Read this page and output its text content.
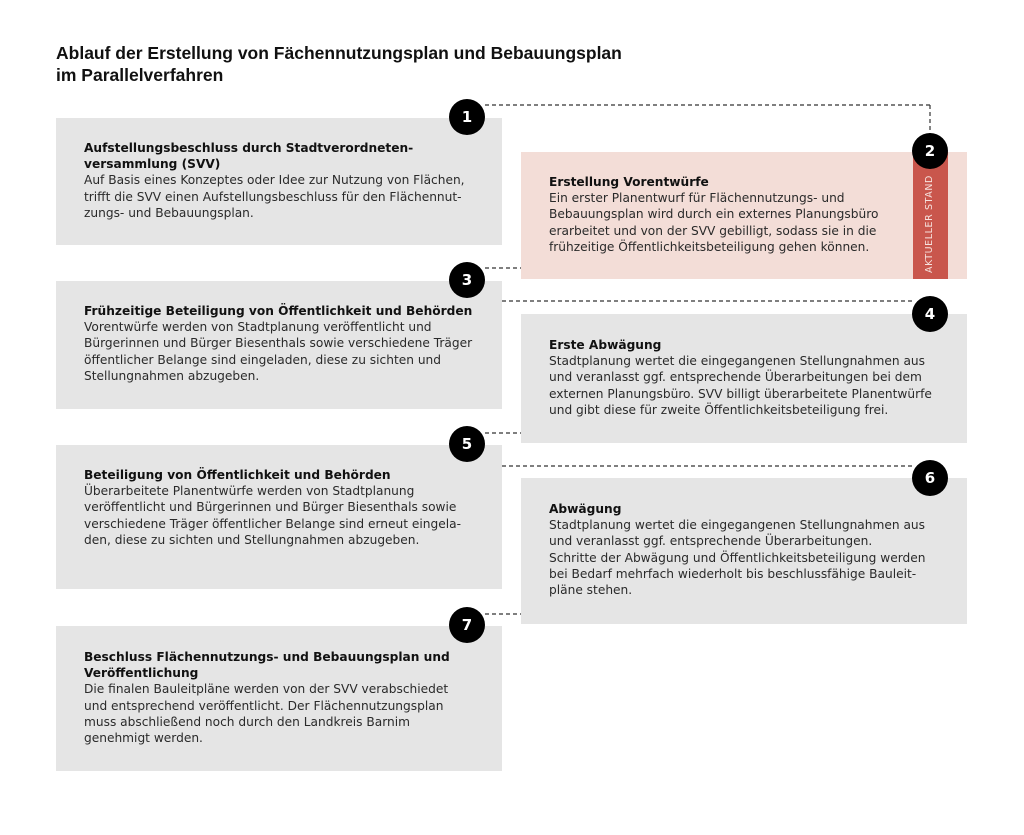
Ablauf der Erstellung von Fächennutzungsplan und Bebauungsplan
im Parallelverfahren
Aufstellungsbeschluss durch Stadtverordneten-
versammlung (SVV)
Auf Basis eines Konzeptes oder Idee zur Nutzung von Flächen,
trifft die SVV einen Aufstellungsbeschluss für den Flächennut-
zungs- und Bebauungsplan.
1
Erstellung Vorentwürfe
Ein erster Planentwurf für Flächennutzungs- und
Bebauungsplan wird durch ein externes Planungsbüro
erarbeitet und von der SVV gebilligt, sodass sie in die
frühzeitige Öffentlichkeitsbeteiligung gehen können.	AKTUELLER STAND
2
Frühzeitige Beteiligung von Öffentlichkeit und Behörden
Vorentwürfe werden von Stadtplanung veröffentlicht und
Bürgerinnen und Bürger Biesenthals sowie verschiedene Träger
öffentlicher Belange sind eingeladen, diese zu sichten und
Stellungnahmen abzugeben.
3
Erste Abwägung
Stadtplanung wertet die eingegangenen Stellungnahmen aus
und veranlasst ggf. entsprechende Überarbeitungen bei dem
externen Planungsbüro. SVV billigt überarbeitete Planentwürfe
und gibt diese für zweite Öffentlichkeitsbeteiligung frei.
4
Beteiligung von Öffentlichkeit und Behörden
Überarbeitete Planentwürfe werden von Stadtplanung
veröffentlicht und Bürgerinnen und Bürger Biesenthals sowie
verschiedene Träger öffentlicher Belange sind erneut eingela-
den, diese zu sichten und Stellungnahmen abzugeben.
5
Abwägung
Stadtplanung wertet die eingegangenen Stellungnahmen aus
und veranlasst ggf. entsprechende Überarbeitungen.
Schritte der Abwägung und Öffentlichkeitsbeteiligung werden
bei Bedarf mehrfach wiederholt bis beschlussfähige Bauleit-
pläne stehen.
6
Beschluss Flächennutzungs- und Bebauungsplan und
Veröffentlichung
Die finalen Bauleitpläne werden von der SVV verabschiedet
und entsprechend veröffentlicht. Der Flächennutzungsplan
muss abschließend noch durch den Landkreis Barnim
genehmigt werden.
7
